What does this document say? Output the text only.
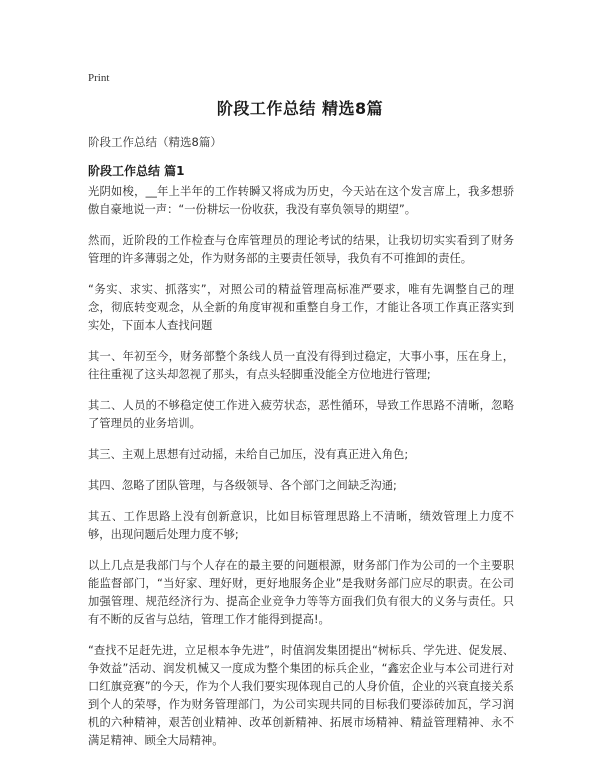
Print
阶段工作总结 精选8篇
阶段工作总结（精选8篇）
阶段工作总结 篇1

光阴如梭，__年上半年的工作转瞬又将成为历史，今天站在这个发言席上，我多想骄傲自豪地说一声：“一份耕坛一份收获，我没有辜负领导的期望”。

然而，近阶段的工作检查与仓库管理员的理论考试的结果，让我切切实实看到了财务管理的许多薄弱之处，作为财务部的主要责任领导，我负有不可推卸的责任。

“务实、求实、抓落实”，对照公司的精益管理高标准严要求，唯有先调整自己的理念，彻底转变观念，从全新的角度审视和重整自身工作，才能让各项工作真正落实到实处，下面本人查找问题

其一、年初至今，财务部整个条线人员一直没有得到过稳定，大事小事，压在身上，往往重视了这头却忽视了那头，有点头轻脚重没能全方位地进行管理;

其二、人员的不够稳定使工作进入疲劳状态，恶性循环，导致工作思路不清晰，忽略了管理员的业务培训。

其三、主观上思想有过动摇，未给自己加压，没有真正进入角色;

其四、忽略了团队管理，与各级领导、各个部门之间缺乏沟通;

其五、工作思路上没有创新意识，比如目标管理思路上不清晰，绩效管理上力度不够，出现问题后处理力度不够;

以上几点是我部门与个人存在的最主要的问题根源，财务部门作为公司的一个主要职能监督部门，“当好家、理好财，更好地服务企业”是我财务部门应尽的职责。在公司加强管理、规范经济行为、提高企业竞争力等等方面我们负有很大的义务与责任。只有不断的反省与总结，管理工作才能得到提高!。

“查找不足赶先进，立足根本争先进”，时值润发集团提出“树标兵、学先进、促发展、争效益”活动、润发机械又一度成为整个集团的标兵企业，“鑫宏企业与本公司进行对口红旗竞赛”的今天，作为个人我们要实现体现自己的人身价值，企业的兴衰直接关系到个人的荣辱，作为财务管理部门，为公司实现共同的目标我们要添砖加瓦，学习润机的六种精神，艰苦创业精神、改革创新精神、拓展市场精神、精益管理精神、永不满足精神、顾全大局精神。
